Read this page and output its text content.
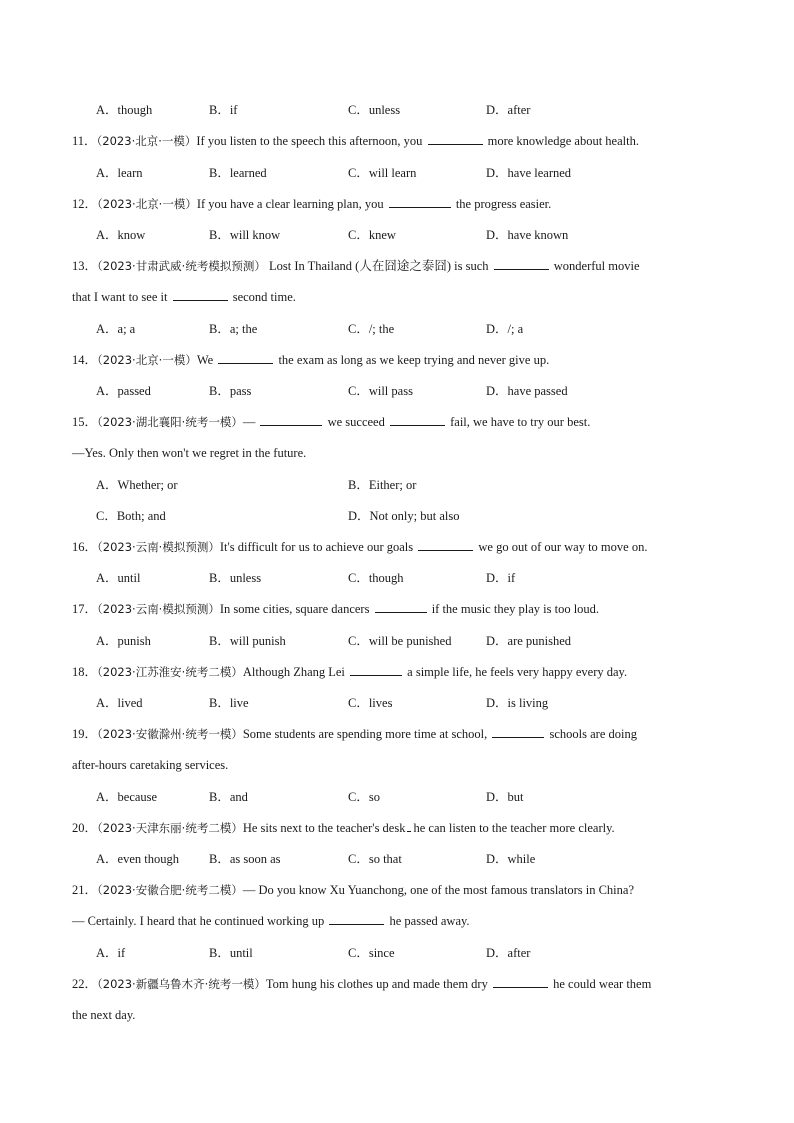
A．though	B．if	C．unless	D．after
11．（2023·北京·一模）If you listen to the speech this afternoon, you	more knowledge about health.
A．learn	B．learned	C．will learn	D．have learned
12．（2023·北京·一模）If you have a clear learning plan, you	the progress easier.
A．know	B．will know	C．knew	D．have known
13．（2023·甘肃武威·统考模拟预测） Lost In Thailand (人在囧途之泰囧) is such	wonderful movie
that I want to see it	second time.
A．a; a	B．a; the	C．/; the	D．/; a
14．（2023·北京·一模）We	the exam as long as we keep trying and never give up.
A．passed	B．pass	C．will pass	D．have passed
15．（2023·湖北襄阳·统考一模）—	we succeed	fail, we have to try our best.
—Yes. Only then won't we regret in the future.
A．Whether; or	B．Either; or
C．Both; and	D．Not only; but also
16．（2023·云南·模拟预测）It's difficult for us to achieve our goals	we go out of our way to move on.
A．until	B．unless	C．though	D．if
17．（2023·云南·模拟预测）In some cities, square dancers	if the music they play is too loud.
A．punish	B．will punish	C．will be punished	D．are punished
18．（2023·江苏淮安·统考二模）Although Zhang Lei	a simple life, he feels very happy every day.
A．lived	B．live	C．lives	D．is living
19．（2023·安徽滁州·统考一模）Some students are spending more time at school,	schools are doing
after-hours caretaking services.
A．because	B．and	C．so	D．but
20．（2023·天津东丽·统考二模）He sits next to the teacher's desk he can listen to the teacher more clearly.
A．even though B．as soon as	C．so that	D．while
21．（2023·安徽合肥·统考二模）— Do you know Xu Yuanchong, one of the most famous translators in China?
— Certainly. I heard that he continued working up	he passed away.
A．if	B．until	C．since	D．after
22．（2023·新疆乌鲁木齐·统考一模）Tom hung his clothes up and made them dry	he could wear them
the next day.
